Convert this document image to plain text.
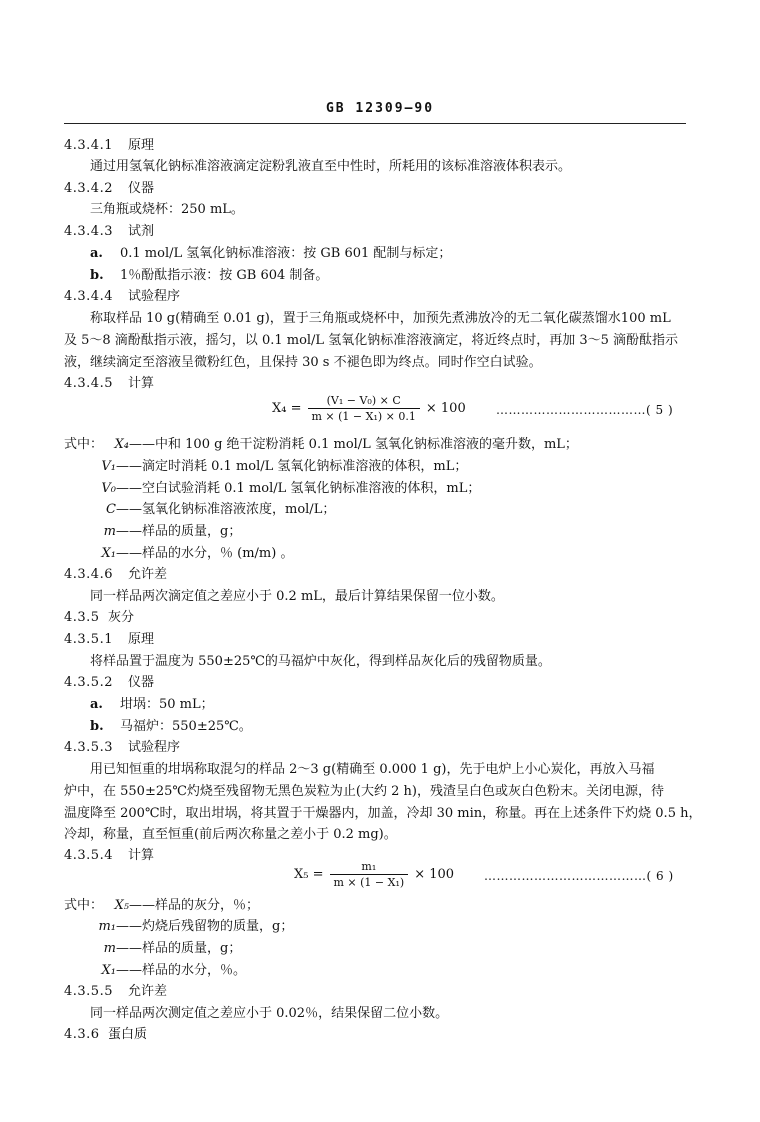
GB 12309—90
4.3.4.1 原理
通过用氢氧化钠标准溶液滴定淀粉乳液直至中性时，所耗用的该标准溶液体积表示。
4.3.4.2 仪器
三角瓶或烧杯：250 mL。
4.3.4.3 试剂
a. 0.1 mol/L 氢氧化钠标准溶液：按 GB 601 配制与标定；
b. 1％酚酞指示液：按 GB 604 制备。
4.3.4.4 试验程序
称取样品 10 g(精确至 0.01 g)，置于三角瓶或烧杯中，加预先煮沸放冷的无二氧化碳蒸馏水100 mL
及 5～8 滴酚酞指示液，摇匀，以 0.1 mol/L 氢氧化钠标准溶液滴定，将近终点时，再加 3～5 滴酚酞指示
液，继续滴定至溶液呈微粉红色，且保持 30 s 不褪色即为终点。同时作空白试验。
4.3.4.5 计算
$X_4 = \frac{\text{(V₁ − V₀) × C}}{\text{m × (1 − X₁) × 0.1}} \times 100$	………………………………( 5 )
式中： X₄——中和 100 g 绝干淀粉消耗 0.1 mol/L 氢氧化钠标准溶液的毫升数，mL；
V₁——滴定时消耗 0.1 mol/L 氢氧化钠标准溶液的体积，mL；
V₀——空白试验消耗 0.1 mol/L 氢氧化钠标准溶液的体积，mL；
C——氢氧化钠标准溶液浓度，mol/L；
m——样品的质量，g；
X₁——样品的水分，％ (m/m) 。
4.3.4.6 允许差
同一样品两次滴定值之差应小于 0.2 mL，最后计算结果保留一位小数。
4.3.5 灰分
4.3.5.1 原理
将样品置于温度为 550±25℃的马福炉中灰化，得到样品灰化后的残留物质量。
4.3.5.2 仪器
a. 坩埚：50 mL；
b. 马福炉：550±25℃。
4.3.5.3 试验程序
用已知恒重的坩埚称取混匀的样品 2～3 g(精确至 0.000 1 g)，先于电炉上小心炭化，再放入马福
炉中，在 550±25℃灼烧至残留物无黑色炭粒为止(大约 2 h)，残渣呈白色或灰白色粉末。关闭电源，待
温度降至 200℃时，取出坩埚，将其置于干燥器内，加盖，冷却 30 min，称量。再在上述条件下灼烧 0.5 h，
冷却，称量，直至恒重(前后两次称量之差小于 0.2 mg)。
4.3.5.4 计算
$X_5 = \frac{\text{m₁}}{\text{m × (1 − X₁)}} \times 100$ …………………………………( 6 )
式中： X₅——样品的灰分，％；
m₁——灼烧后残留物的质量，g；
m——样品的质量，g；
X₁——样品的水分，％。
4.3.5.5 允许差
同一样品两次测定值之差应小于 0.02％，结果保留二位小数。
4.3.6 蛋白质
